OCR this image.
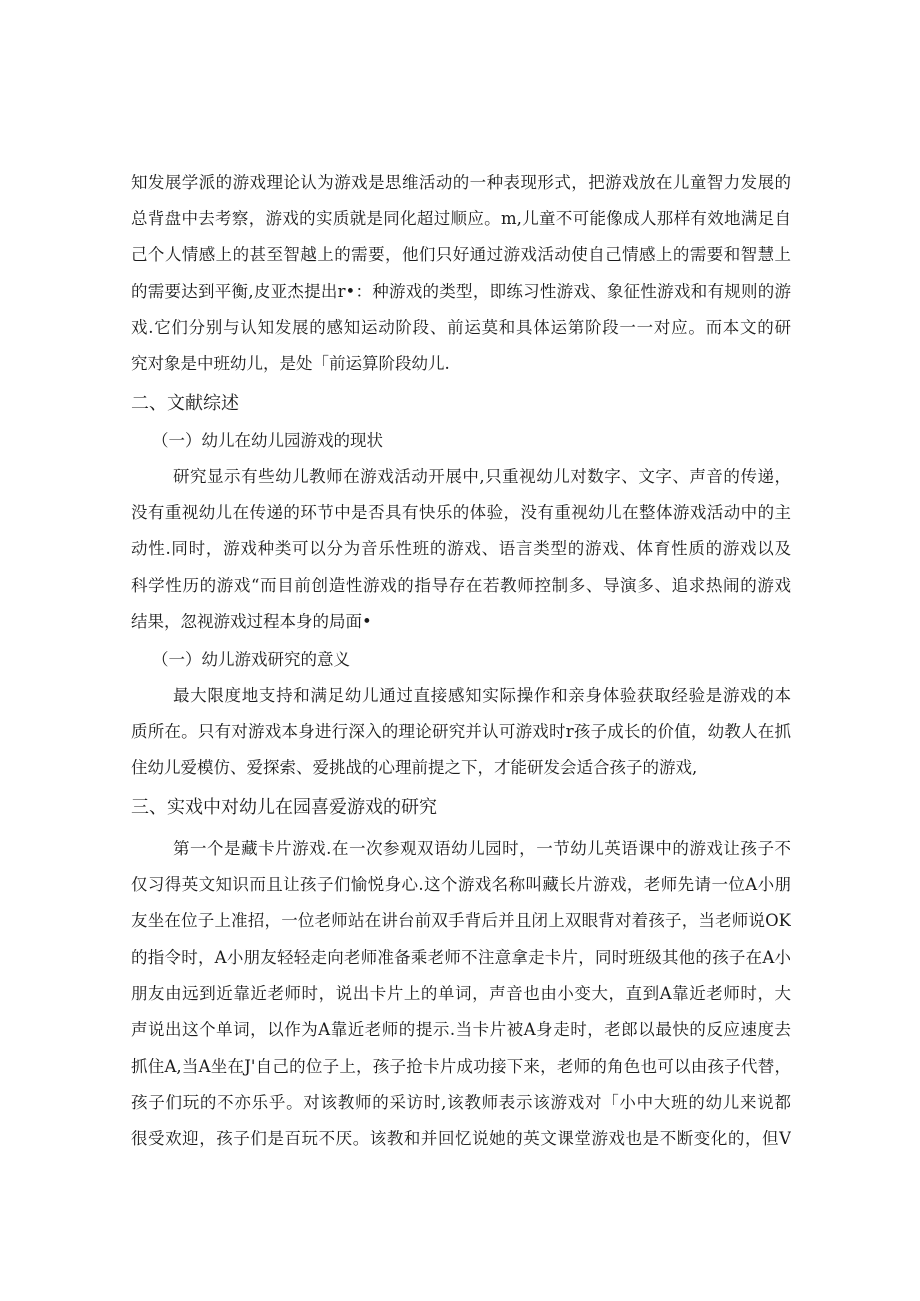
知发展学派的游戏理论认为游戏是思维活动的一种表现形式，把游戏放在儿童智力发展的
总背盘中去考察，游戏的实质就是同化超过顺应。m,儿童不可能像成人那样有效地满足自
己个人情感上的甚至智越上的需要，他们只好通过游戏活动使自己情感上的需要和智慧上
的需要达到平衡,皮亚杰提出r•：种游戏的类型，即练习性游戏、象征性游戏和有规则的游
戏.它们分别与认知发展的感知运动阶段、前运莫和具体运第阶段一一对应。而本文的研
究对象是中班幼儿，是处「前运算阶段幼儿.
二、文献综述
（一）幼儿在幼儿园游戏的现状
研究显示有些幼儿教师在游戏活动开展中,只重视幼儿对数字、文字、声音的传递，
没有重视幼儿在传递的环节中是否具有快乐的体验，没有重视幼儿在整体游戏活动中的主
动性.同时，游戏种类可以分为音乐性班的游戏、语言类型的游戏、体育性质的游戏以及
科学性历的游戏“而目前创造性游戏的指导存在若教师控制多、导演多、追求热闹的游戏
结果，忽视游戏过程本身的局面•
（一）幼儿游戏研究的意义
最大限度地支持和满足幼儿通过直接感知实际操作和亲身体验获取经验是游戏的本
质所在。只有对游戏本身进行深入的理论研究并认可游戏时r孩子成长的价值，幼教人在抓
住幼儿爱模仿、爱探索、爱挑战的心理前提之下，才能研发会适合孩子的游戏,
三、实戏中对幼儿在园喜爱游戏的研究
第一个是藏卡片游戏.在一次参观双语幼儿园时，一节幼儿英语课中的游戏让孩子不
仅习得英文知识而且让孩子们愉悦身心.这个游戏名称叫藏长片游戏，老师先请一位A小朋
友坐在位子上准招，一位老师站在讲台前双手背后并且闭上双眼背对着孩子，当老师说OK
的指令时，A小朋友轻轻走向老师准备乘老师不注意拿走卡片，同时班级其他的孩子在A小
朋友由远到近靠近老师时，说出卡片上的单词，声音也由小变大，直到A靠近老师时，大
声说出这个单词，以作为A靠近老师的提示.当卡片被A身走时，老郎以最快的反应速度去
抓住A,当A坐在J'自己的位子上，孩子抢卡片成功接下来，老师的角色也可以由孩子代替，
孩子们玩的不亦乐乎。对该教师的采访时,该教师表示该游戏对「小中大班的幼儿来说都
很受欢迎，孩子们是百玩不厌。该教和并回忆说她的英文课堂游戏也是不断变化的，但V
